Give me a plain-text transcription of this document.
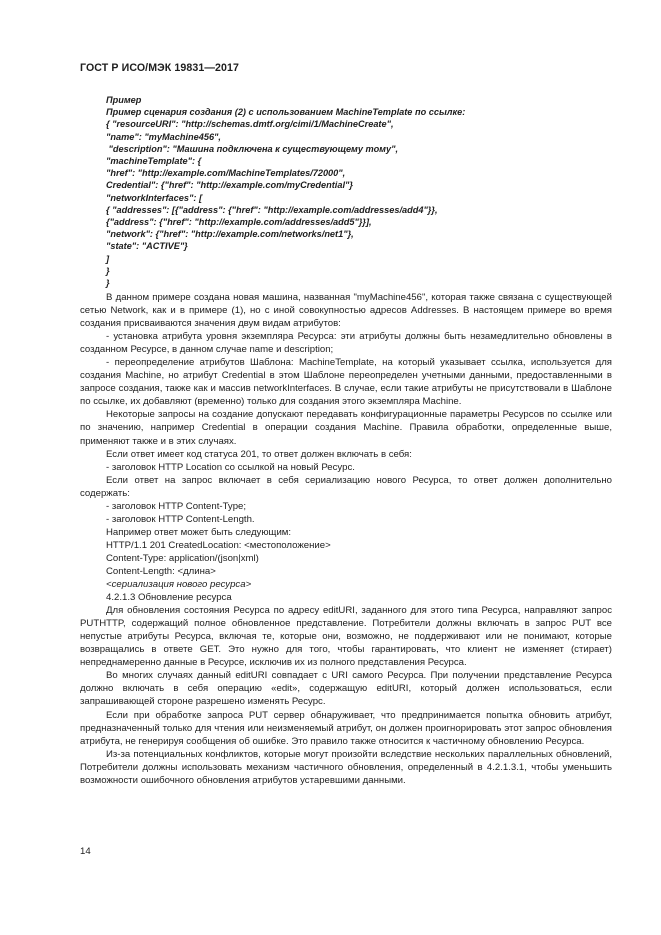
ГОСТ Р ИСО/МЭК 19831—2017
Пример
Пример сценария создания (2) с использованием MachineTemplate по ссылке:
{ "resourceURI": "http://schemas.dmtf.org/cimi/1/MachineCreate",
"name": "myMachine456",
"description": "Машина подключена к существующему тому",
"machineTemplate": {
"href": "http://example.com/MachineTemplates/72000",
Credential": {"href": "http://example.com/myCredential"}
"networkInterfaces": [
{ "addresses": [{"address": {"href": "http://example.com/addresses/add4"}},
{"address": {"href": "http://example.com/addresses/add5"}}],
"network": {"href": "http://example.com/networks/net1"},
"state": "ACTIVE"}
]
}
}

В данном примере создана новая машина, названная "myMachine456", которая также связана с существующей сетью Network, как и в примере (1), но с иной совокупностью адресов Addresses. В настоящем примере во время создания присваиваются значения двум видам атрибутов:

- установка атрибута уровня экземпляра Ресурса: эти атрибуты должны быть незамедлительно обновлены в созданном Ресурсе, в данном случае name и description;

- переопределение атрибутов Шаблона: MachineTemplate, на который указывает ссылка, используется для создания Machine, но атрибут Credential в этом Шаблоне переопределен учетными данными, предоставленными в запросе создания, также как и массив networkInterfaces. В случае, если такие атрибуты не присутствовали в Шаблоне по ссылке, их добавляют (временно) только для создания этого экземпляра Machine.

Некоторые запросы на создание допускают передавать конфигурационные параметры Ресурсов по ссылке или по значению, например Credential в операции создания Machine. Правила обработки, определенные выше, применяют также и в этих случаях.

Если ответ имеет код статуса 201, то ответ должен включать в себя:

- заголовок HTTP Location со ссылкой на новый Ресурс.

Если ответ на запрос включает в себя сериализацию нового Ресурса, то ответ должен дополнительно содержать:

- заголовок HTTP Content-Type;

- заголовок HTTP Content-Length.

Например ответ может быть следующим:

HTTP/1.1 201 CreatedLocation: <местоположение>

Content-Type: application/(json|xml)

Content-Length: <длина>

<сериализация нового ресурса>

4.2.1.3 Обновление ресурса

Для обновления состояния Ресурса по адресу editURI, заданного для этого типа Ресурса, направляют запрос PUTHTTP, содержащий полное обновленное представление. Потребители должны включать в запрос PUT все непустые атрибуты Ресурса, включая те, которые они, возможно, не поддерживают или не понимают, которые возвращались в ответе GET. Это нужно для того, чтобы гарантировать, что клиент не изменяет (стирает) непреднамеренно данные в Ресурсе, исключив их из полного представления Ресурса.

Во многих случаях данный editURI совпадает с URI самого Ресурса. При получении представление Ресурса должно включать в себя операцию «edit», содержащую editURI, который должен использоваться, если запрашивающей стороне разрешено изменять Ресурс.

Если при обработке запроса PUT сервер обнаруживает, что предпринимается попытка обновить атрибут, предназначенный только для чтения или неизменяемый атрибут, он должен проигнорировать этот запрос обновления атрибута, не генерируя сообщения об ошибке. Это правило также относится к частичному обновлению Ресурса.

Из-за потенциальных конфликтов, которые могут произойти вследствие нескольких параллельных обновлений, Потребители должны использовать механизм частичного обновления, определенный в 4.2.1.3.1, чтобы уменьшить возможности ошибочного обновления атрибутов устаревшими данными.

14
